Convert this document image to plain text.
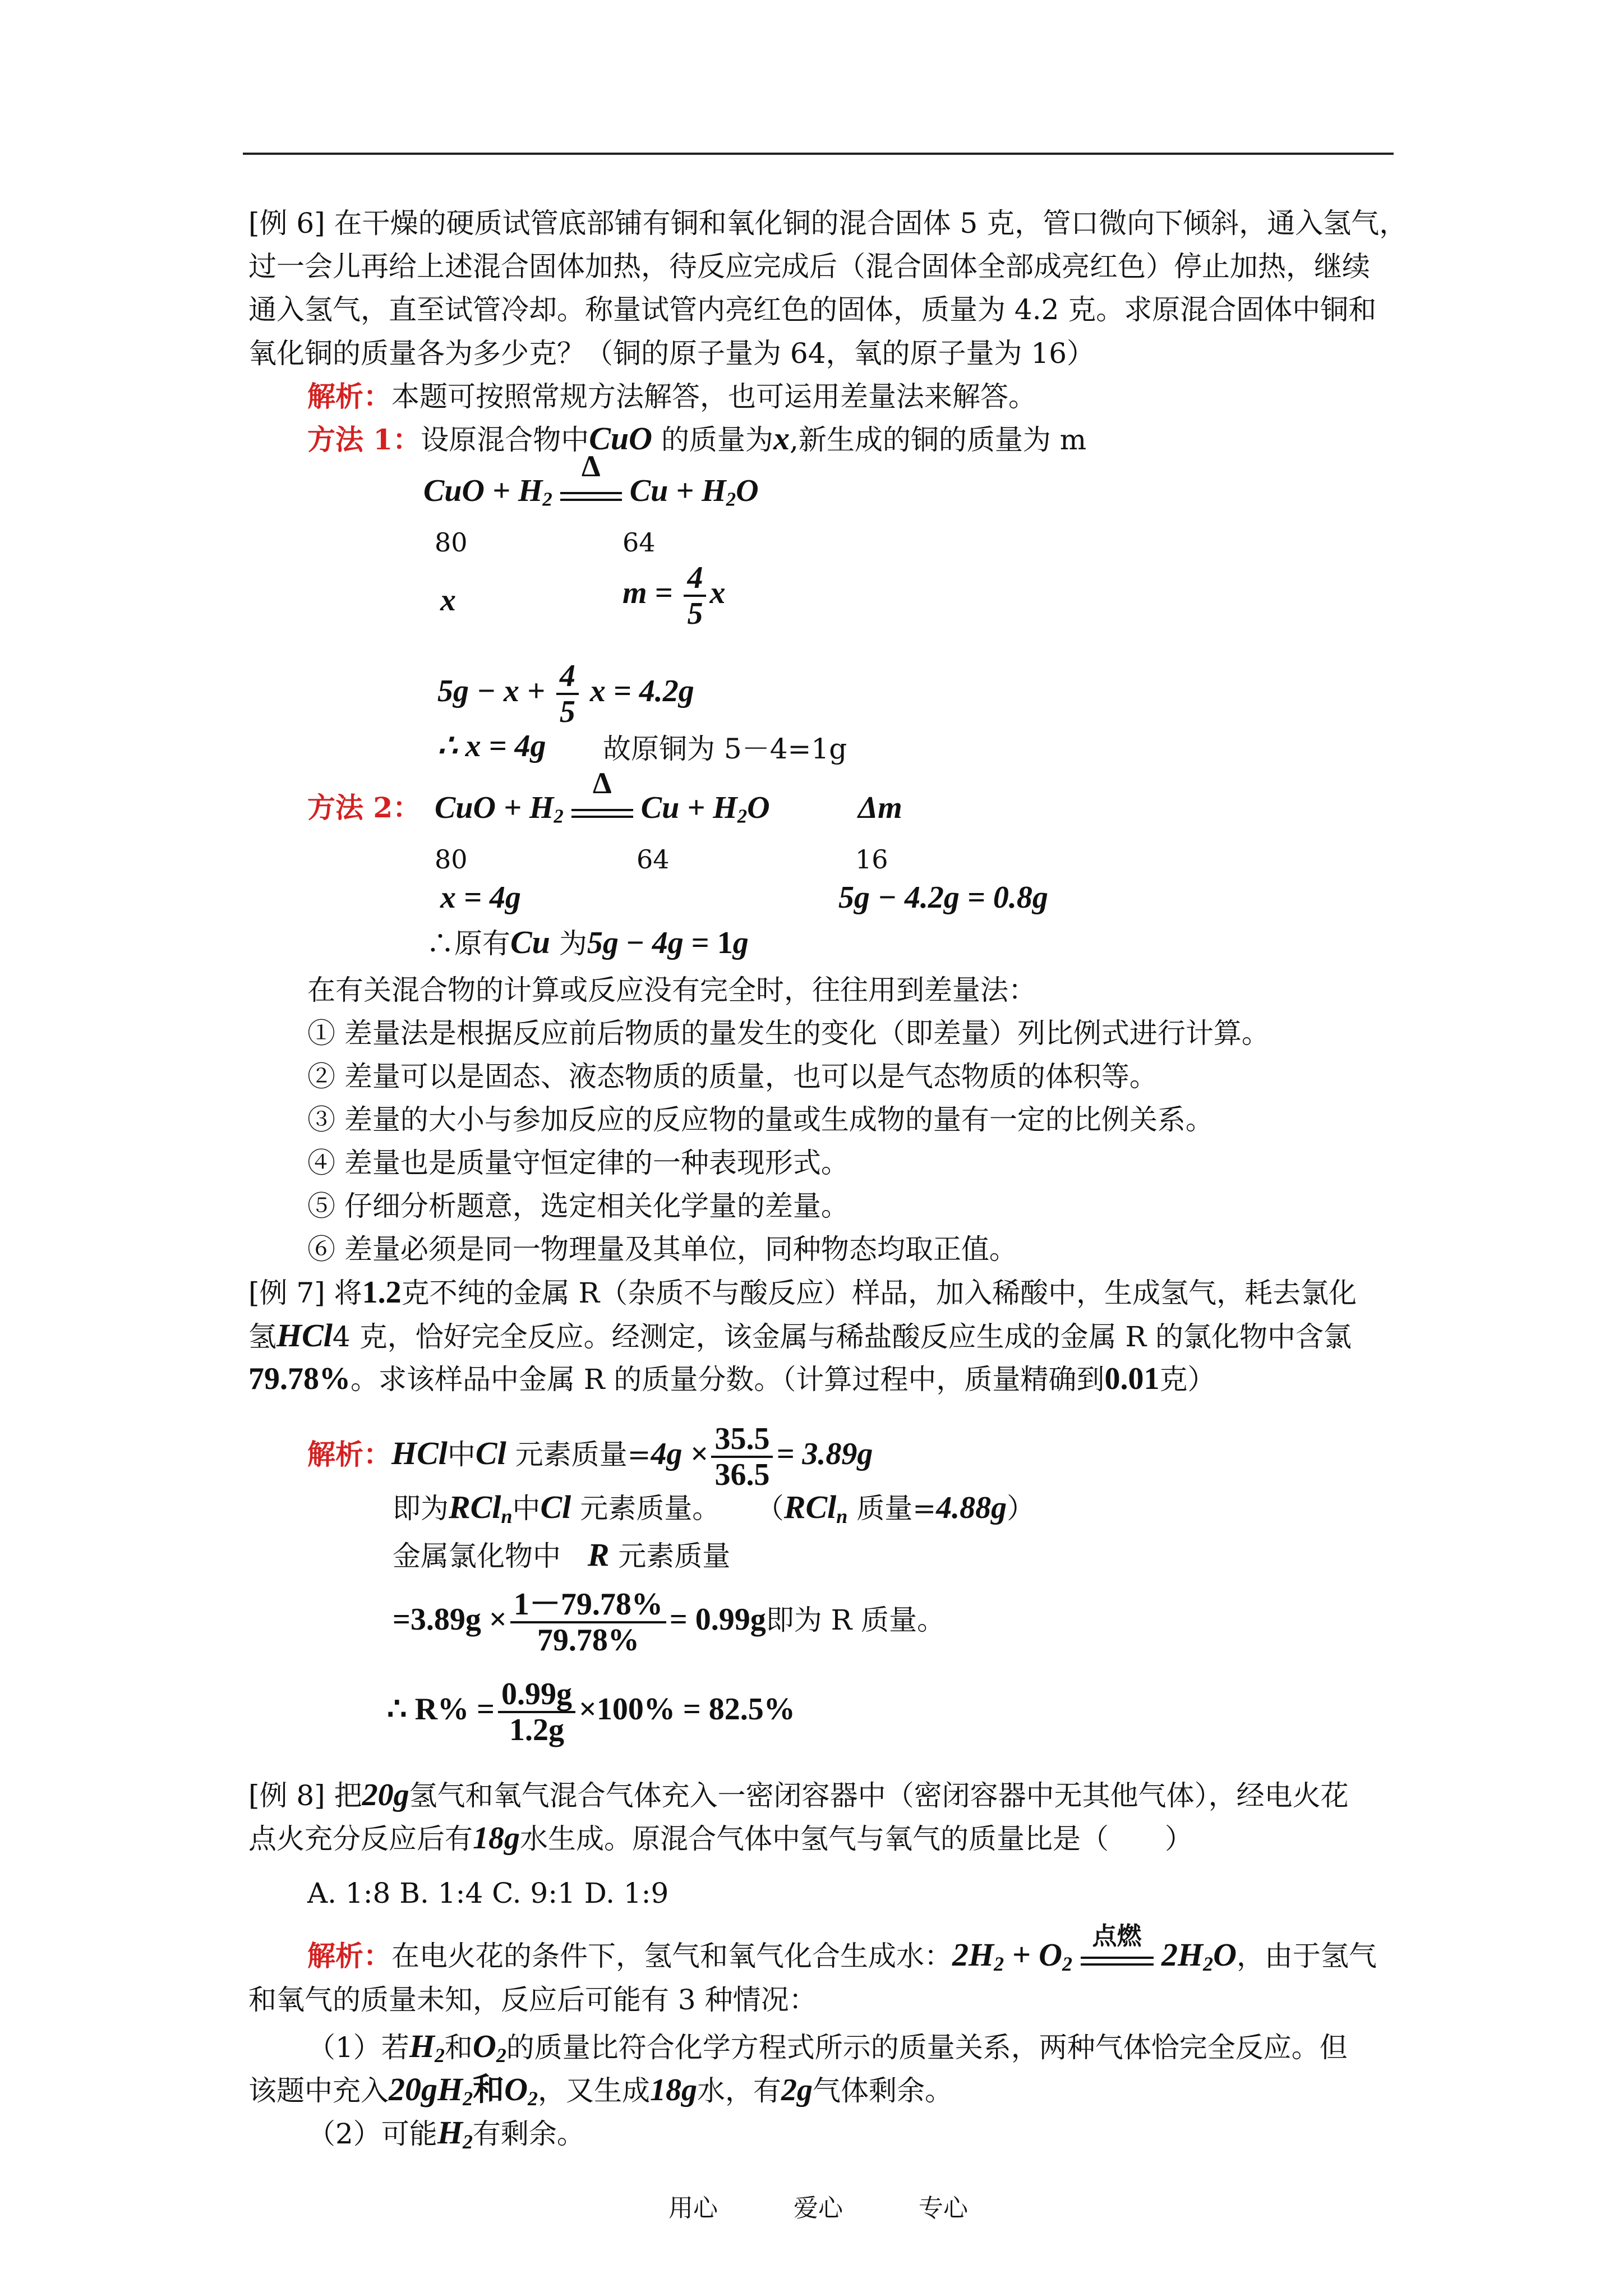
[例 6] 在干燥的硬质试管底部铺有铜和氧化铜的混合固体 5 克，管口微向下倾斜，通入氢气，
过一会儿再给上述混合固体加热，待反应完成后（混合固体全部成亮红色）停止加热，继续
通入氢气，直至试管冷却。称量试管内亮红色的固体，质量为 4.2 克。求原混合固体中铜和
氧化铜的质量各为多少克？（铜的原子量为 64，氧的原子量为 16）
解析：本题可按照常规方法解答，也可运用差量法来解答。
方法 1：设原混合物中CuO 的质量为x,新生成的铜的质量为 m
CuO + $H_2$
Δ
$Cu + H_2O$
80	64
x	$m = \frac{4}{5}$ x
$5g - x + \frac{4}{5}$ x = 4.2g
∴ x = 4g 故原铜为 5－4=1g
方法 2： CuO + $H_2$
Δ
$Cu + H_2O$	Δm
80	64	16
x = 4g	5g − 4.2g = 0.8g
∴原有Cu 为5g − 4g = 1g
在有关混合物的计算或反应没有完全时，往往用到差量法：
① 差量法是根据反应前后物质的量发生的变化（即差量）列比例式进行计算。
② 差量可以是固态、液态物质的质量，也可以是气态物质的体积等。
③ 差量的大小与参加反应的反应物的量或生成物的量有一定的比例关系。
④ 差量也是质量守恒定律的一种表现形式。
⑤ 仔细分析题意，选定相关化学量的差量。
⑥ 差量必须是同一物理量及其单位，同种物态均取正值。
[例 7] 将1.2克不纯的金属 R（杂质不与酸反应）样品，加入稀酸中，生成氢气，耗去氯化
氢HCl4 克，恰好完全反应。经测定，该金属与稀盐酸反应生成的金属 R 的氯化物中含氯
79.78%。求该样品中金属 R 的质量分数。（计算过程中，质量精确到0.01克）
解析：HCl中Cl 元素质量$=4g \times \frac{35.5}{36.5} = 3.89g$
即为RCl$_n$中Cl 元素质量。 （RCl$_n$ 质量=4.88g）
金属氯化物中 R 元素质量
$=3.89g \times \frac{1-79.78\%}{79.78\%} = 0.99g$即为 R 质量。
∴ $R\% = \frac{0.99g}{1.2g} \times 100\% = 82.5\%$
[例 8] 把20g氢气和氧气混合气体充入一密闭容器中（密闭容器中无其他气体），经电火花
点火充分反应后有18g水生成。原混合气体中氢气与氧气的质量比是（　　）
A. 1:8 B. 1:4 C. 9:1 D. 1:9
解析：在电火花的条件下，氢气和氧气化合生成水：$2H_2 + O_2$
点燃
$2H_2O$，由于氢气
和氧气的质量未知，反应后可能有 3 种情况：
（1）若$H_2$和$O_2$的质量比符合化学方程式所示的质量关系，两种气体恰完全反应。但
该题中充入$20gH_2$和$O_2$，又生成18g水，有2g气体剩余。
（2）可能$H_2$有剩余。
用心	爱心	专心
